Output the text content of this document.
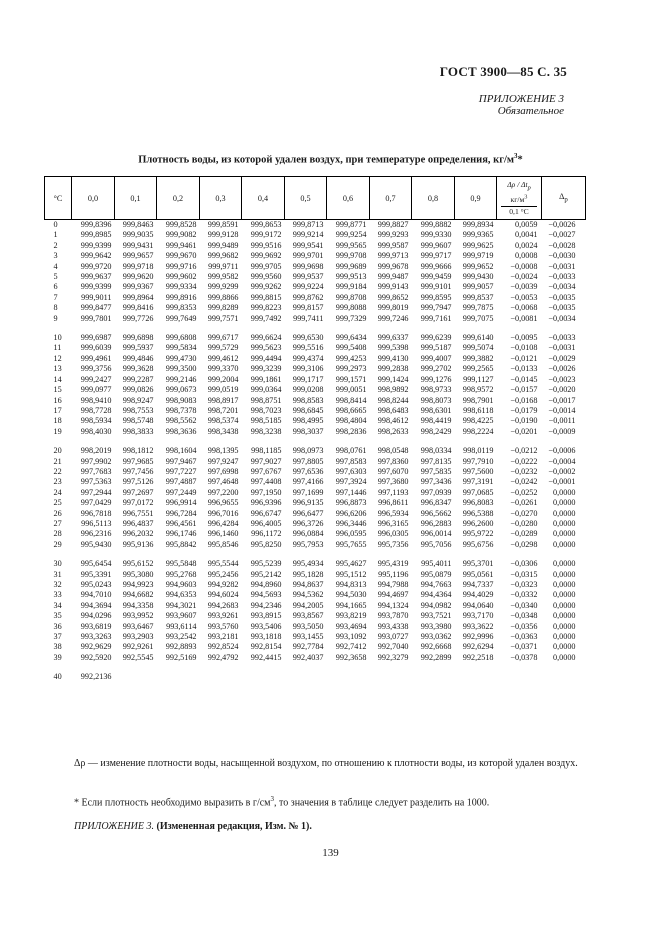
ГОСТ 3900—85 С. 35
ПРИЛОЖЕНИЕ 3
Обязательное
Плотность воды, из которой удален воздух, при температуре определения, $кг/м^3*$
°C	0,0	0,1	0,2	0,3	0,4	0,5	0,6	0,7	0,8	0,9	Δρ / $\Delta t_р$
$кг/м^3$
0,1 °С	$\Delta_р$
0	999,8396	999,8463	999,8528	999,8591	999,8653	999,8713	999,8771	999,8827	999,8882	999,8934	0,0059	−0,0026
1	999,8985	999,9035	999,9082	999,9128	999,9172	999,9214	999,9254	999,9293	999,9330	999,9365	0,0041	−0,0027
2	999,9399	999,9431	999,9461	999,9489	999,9516	999,9541	999,9565	999,9587	999,9607	999,9625	0,0024	−0,0028
3	999,9642	999,9657	999,9670	999,9682	999,9692	999,9701	999,9708	999,9713	999,9717	999,9719	0,0008	−0,0030
4	999,9720	999,9718	999,9716	999,9711	999,9705	999,9698	999,9689	999,9678	999,9666	999,9652	−0,0008	−0,0031
5	999,9637	999,9620	999,9602	999,9582	999,9560	999,9537	999,9513	999,9487	999,9459	999,9430	−0,0024	−0,0033
6	999,9399	999,9367	999,9334	999,9299	999,9262	999,9224	999,9184	999,9143	999,9101	999,9057	−0,0039	−0,0034
7	999,9011	999,8964	999,8916	999,8866	999,8815	999,8762	999,8708	999,8652	999,8595	999,8537	−0,0053	−0,0035
8	999,8477	999,8416	999,8353	999,8289	999,8223	999,8157	999,8088	999,8019	999,7947	999,7875	−0,0068	−0,0035
9	999,7801	999,7726	999,7649	999,7571	999,7492	999,7411	999,7329	999,7246	999,7161	999,7075	−0,0081	−0,0034

10	999,6987	999,6898	999,6808	999,6717	999,6624	999,6530	999,6434	999,6337	999,6239	999,6140	−0,0095	−0,0033
11	999,6039	999,5937	999,5834	999,5729	999,5623	999,5516	999,5408	999,5398	999,5187	999,5074	−0,0108	−0,0031
12	999,4961	999,4846	999,4730	999,4612	999,4494	999,4374	999,4253	999,4130	999,4007	999,3882	−0,0121	−0,0029
13	999,3756	999,3628	999,3500	999,3370	999,3239	999,3106	999,2973	999,2838	999,2702	999,2565	−0,0133	−0,0026
14	999,2427	999,2287	999,2146	999,2004	999,1861	999,1717	999,1571	999,1424	999,1276	999,1127	−0,0145	−0,0023
15	999,0977	999,0826	999,0673	999,0519	999,0364	999,0208	999,0051	998,9892	998,9733	998,9572	−0,0157	−0,0020
16	998,9410	998,9247	998,9083	998,8917	998,8751	998,8583	998,8414	998,8244	998,8073	998,7901	−0,0168	−0,0017
17	998,7728	998,7553	998,7378	998,7201	998,7023	998,6845	998,6665	998,6483	998,6301	998,6118	−0,0179	−0,0014
18	998,5934	998,5748	998,5562	998,5374	998,5185	998,4995	998,4804	998,4612	998,4419	998,4225	−0,0190	−0,0011
19	998,4030	998,3833	998,3636	998,3438	998,3238	998,3037	998,2836	998,2633	998,2429	998,2224	−0,0201	−0,0009

20	998,2019	998,1812	998,1604	998,1395	998,1185	998,0973	998,0761	998,0548	998,0334	998,0119	−0,0212	−0,0006
21	997,9902	997,9685	997,9467	997,9247	997,9027	997,8805	997,8583	997,8360	997,8135	997,7910	−0,0222	−0,0004
22	997,7683	997,7456	997,7227	997,6998	997,6767	997,6536	997,6303	997,6070	997,5835	997,5600	−0,0232	−0,0002
23	997,5363	997,5126	997,4887	997,4648	997,4408	997,4166	997,3924	997,3680	997,3436	997,3191	−0,0242	−0,0001
24	997,2944	997,2697	997,2449	997,2200	997,1950	997,1699	997,1446	997,1193	997,0939	997,0685	−0,0252	0,0000
25	997,0429	997,0172	996,9914	996,9655	996,9396	996,9135	996,8873	996,8611	996,8347	996,8083	−0,0261	0,0000
26	996,7818	996,7551	996,7284	996,7016	996,6747	996,6477	996,6206	996,5934	996,5662	996,5388	−0,0270	0,0000
27	996,5113	996,4837	996,4561	996,4284	996,4005	996,3726	996,3446	996,3165	996,2883	996,2600	−0,0280	0,0000
28	996,2316	996,2032	996,1746	996,1460	996,1172	996,0884	996,0595	996,0305	996,0014	995,9722	−0,0289	0,0000
29	995,9430	995,9136	995,8842	995,8546	995,8250	995,7953	995,7655	995,7356	995,7056	995,6756	−0,0298	0,0000

30	995,6454	995,6152	995,5848	995,5544	995,5239	995,4934	995,4627	995,4319	995,4011	995,3701	−0,0306	0,0000
31	995,3391	995,3080	995,2768	995,2456	995,2142	995,1828	995,1512	995,1196	995,0879	995,0561	−0,0315	0,0000
32	995,0243	994,9923	994,9603	994,9282	994,8960	994,8637	994,8313	994,7988	994,7663	994,7337	−0,0323	0,0000
33	994,7010	994,6682	994,6353	994,6024	994,5693	994,5362	994,5030	994,4697	994,4364	994,4029	−0,0332	0,0000
34	994,3694	994,3358	994,3021	994,2683	994,2346	994,2005	994,1665	994,1324	994,0982	994,0640	−0,0340	0,0000
35	994,0296	993,9952	993,9607	993,9261	993,8915	993,8567	993,8219	993,7870	993,7521	993,7170	−0,0348	0,0000
36	993,6819	993,6467	993,6114	993,5760	993,5406	993,5050	993,4694	993,4338	993,3980	993,3622	−0,0356	0,0000
37	993,3263	993,2903	993,2542	993,2181	993,1818	993,1455	993,1092	993,0727	993,0362	992,9996	−0,0363	0,0000
38	992,9629	992,9261	992,8893	992,8524	992,8154	992,7784	992,7412	992,7040	992,6668	992,6294	−0,0371	0,0000
39	992,5920	992,5545	992,5169	992,4792	992,4415	992,4037	992,3658	992,3279	992,2899	992,2518	−0,0378	0,0000

40	992,2136											
Δρ — изменение плотности воды, насыщенной воздухом, по отношению к плотности воды, из которой удален воздух.
* Если плотность необходимо выразить в $г/см^3$, то значения в таблице следует разделить на 1000.
ПРИЛОЖЕНИЕ 3. (Измененная редакция, Изм. № 1).
139
